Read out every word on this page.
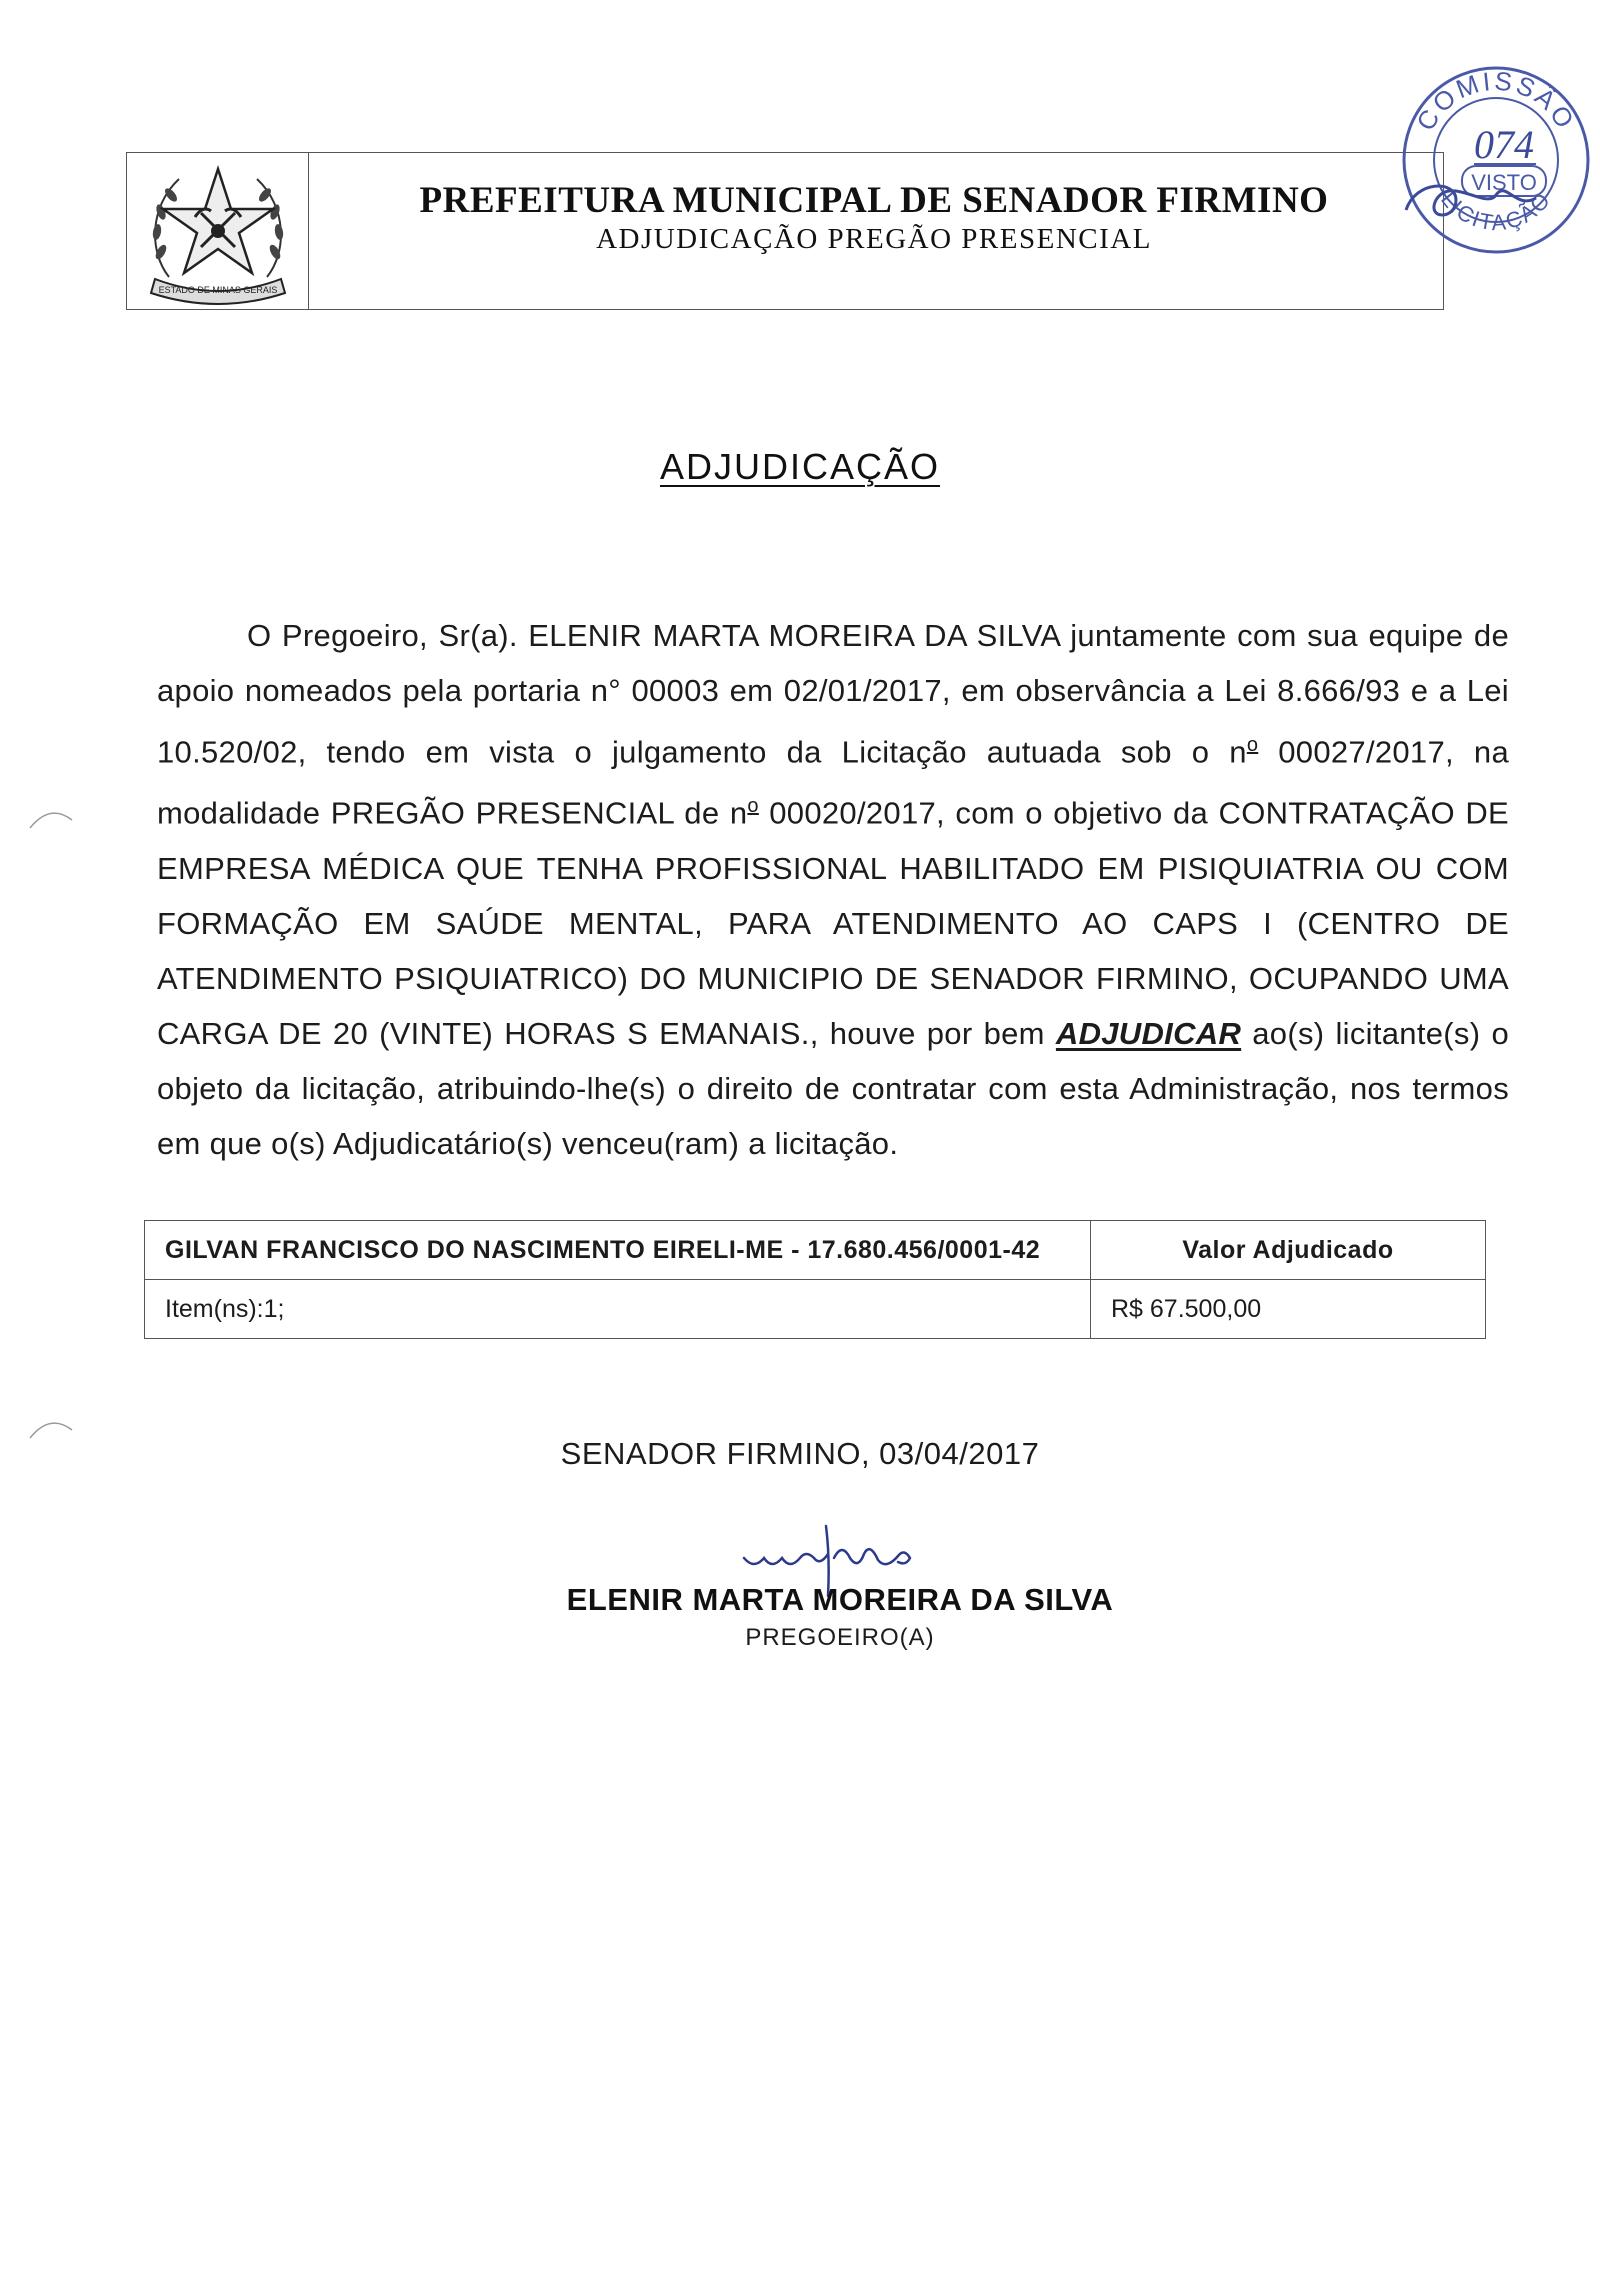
ESTADO DE MINAS GERAIS
PREFEITURA MUNICIPAL DE SENADOR FIRMINO
ADJUDICAÇÃO PREGÃO PRESENCIAL
COMISSÃO
LICITAÇÃO
074
VISTO
ADJUDICAÇÃO
O Pregoeiro, Sr(a). ELENIR MARTA MOREIRA DA SILVA juntamente com sua equipe de apoio nomeados pela portaria n° 00003 em 02/01/2017, em observância a Lei 8.666/93 e a Lei 10.520/02, tendo em vista o julgamento da Licitação autuada sob o $n^o$ 00027/2017, na modalidade PREGÃO PRESENCIAL de $n^o$ 00020/2017, com o objetivo da CONTRATAÇÃO DE EMPRESA MÉDICA QUE TENHA PROFISSIONAL HABILITADO EM PISIQUIATRIA OU COM FORMAÇÃO EM SAÚDE MENTAL, PARA ATENDIMENTO AO CAPS I (CENTRO DE ATENDIMENTO PSIQUIATRICO) DO MUNICIPIO DE SENADOR FIRMINO, OCUPANDO UMA CARGA DE 20 (VINTE) HORAS S EMANAIS., houve por bem ADJUDICAR ao(s) licitante(s) o objeto da licitação, atribuindo-lhe(s) o direito de contratar com esta Administração, nos termos em que o(s) Adjudicatário(s) venceu(ram) a licitação.
GILVAN FRANCISCO DO NASCIMENTO EIRELI-ME - 17.680.456/0001-42	Valor Adjudicado
Item(ns):1;	R$ 67.500,00
SENADOR FIRMINO, 03/04/2017
ELENIR MARTA MOREIRA DA SILVA
PREGOEIRO(A)
